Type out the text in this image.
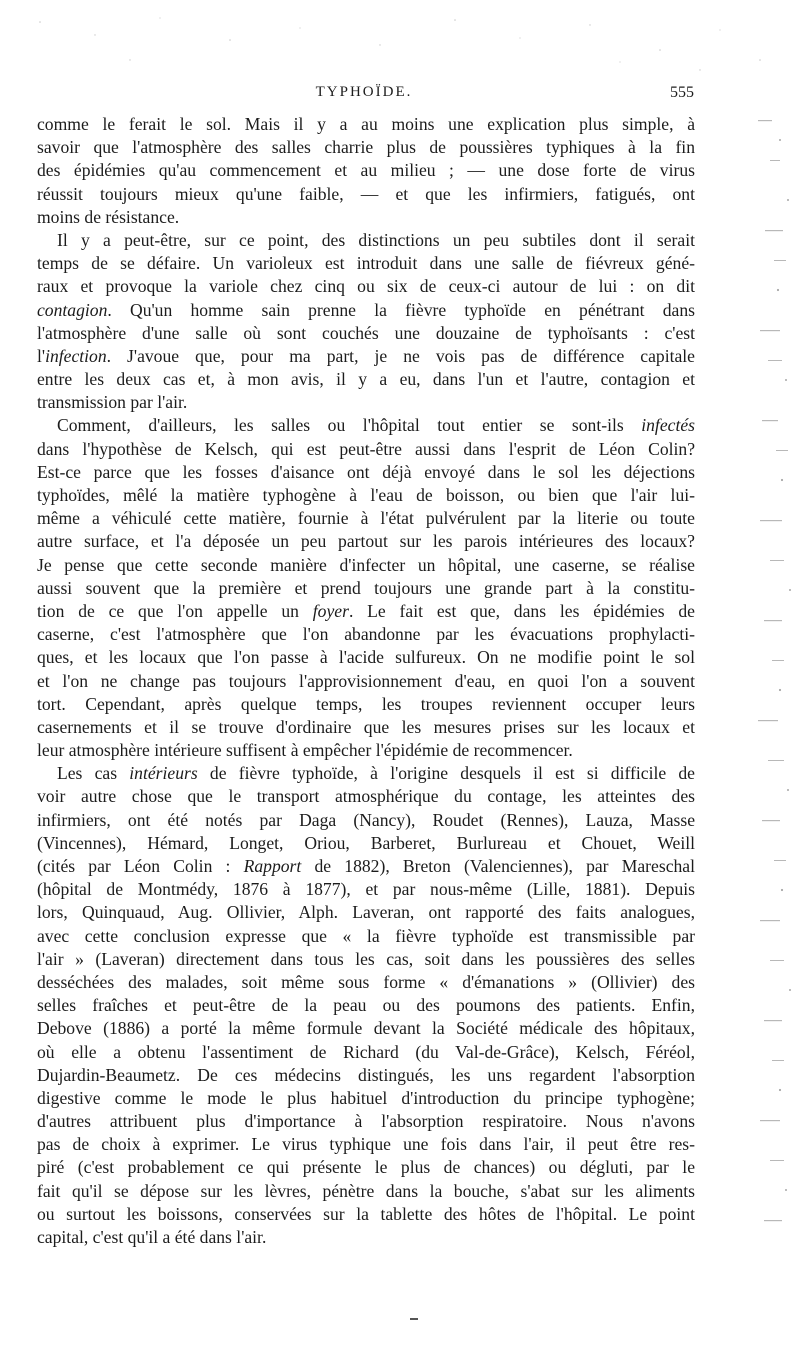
TYPHOÏDE.	555
comme le ferait le sol. Mais il y a au moins une explication plus simple, à
savoir que l'atmosphère des salles charrie plus de poussières typhiques à la fin
des épidémies qu'au commencement et au milieu ; — une dose forte de virus
réussit toujours mieux qu'une faible, — et que les infirmiers, fatigués, ont
moins de résistance.
Il y a peut-être, sur ce point, des distinctions un peu subtiles dont il serait
temps de se défaire. Un varioleux est introduit dans une salle de fiévreux géné-
raux et provoque la variole chez cinq ou six de ceux-ci autour de lui : on dit
contagion. Qu'un homme sain prenne la fièvre typhoïde en pénétrant dans
l'atmosphère d'une salle où sont couchés une douzaine de typhoïsants : c'est
l'infection. J'avoue que, pour ma part, je ne vois pas de différence capitale
entre les deux cas et, à mon avis, il y a eu, dans l'un et l'autre, contagion et
transmission par l'air.
Comment, d'ailleurs, les salles ou l'hôpital tout entier se sont-ils infectés
dans l'hypothèse de Kelsch, qui est peut-être aussi dans l'esprit de Léon Colin?
Est-ce parce que les fosses d'aisance ont déjà envoyé dans le sol les déjections
typhoïdes, mêlé la matière typhogène à l'eau de boisson, ou bien que l'air lui-
même a véhiculé cette matière, fournie à l'état pulvérulent par la literie ou toute
autre surface, et l'a déposée un peu partout sur les parois intérieures des locaux?
Je pense que cette seconde manière d'infecter un hôpital, une caserne, se réalise
aussi souvent que la première et prend toujours une grande part à la constitu-
tion de ce que l'on appelle un foyer. Le fait est que, dans les épidémies de
caserne, c'est l'atmosphère que l'on abandonne par les évacuations prophylacti-
ques, et les locaux que l'on passe à l'acide sulfureux. On ne modifie point le sol
et l'on ne change pas toujours l'approvisionnement d'eau, en quoi l'on a souvent
tort. Cependant, après quelque temps, les troupes reviennent occuper leurs
casernements et il se trouve d'ordinaire que les mesures prises sur les locaux et
leur atmosphère intérieure suffisent à empêcher l'épidémie de recommencer.
Les cas intérieurs de fièvre typhoïde, à l'origine desquels il est si difficile de
voir autre chose que le transport atmosphérique du contage, les atteintes des
infirmiers, ont été notés par Daga (Nancy), Roudet (Rennes), Lauza, Masse
(Vincennes), Hémard, Longet, Oriou, Barberet, Burlureau et Chouet, Weill
(cités par Léon Colin : Rapport de 1882), Breton (Valenciennes), par Mareschal
(hôpital de Montmédy, 1876 à 1877), et par nous-même (Lille, 1881). Depuis
lors, Quinquaud, Aug. Ollivier, Alph. Laveran, ont rapporté des faits analogues,
avec cette conclusion expresse que « la fièvre typhoïde est transmissible par
l'air » (Laveran) directement dans tous les cas, soit dans les poussières des selles
desséchées des malades, soit même sous forme « d'émanations » (Ollivier) des
selles fraîches et peut-être de la peau ou des poumons des patients. Enfin,
Debove (1886) a porté la même formule devant la Société médicale des hôpitaux,
où elle a obtenu l'assentiment de Richard (du Val-de-Grâce), Kelsch, Féréol,
Dujardin-Beaumetz. De ces médecins distingués, les uns regardent l'absorption
digestive comme le mode le plus habituel d'introduction du principe typhogène;
d'autres attribuent plus d'importance à l'absorption respiratoire. Nous n'avons
pas de choix à exprimer. Le virus typhique une fois dans l'air, il peut être res-
piré (c'est probablement ce qui présente le plus de chances) ou dégluti, par le
fait qu'il se dépose sur les lèvres, pénètre dans la bouche, s'abat sur les aliments
ou surtout les boissons, conservées sur la tablette des hôtes de l'hôpital. Le point
capital, c'est qu'il a été dans l'air.
